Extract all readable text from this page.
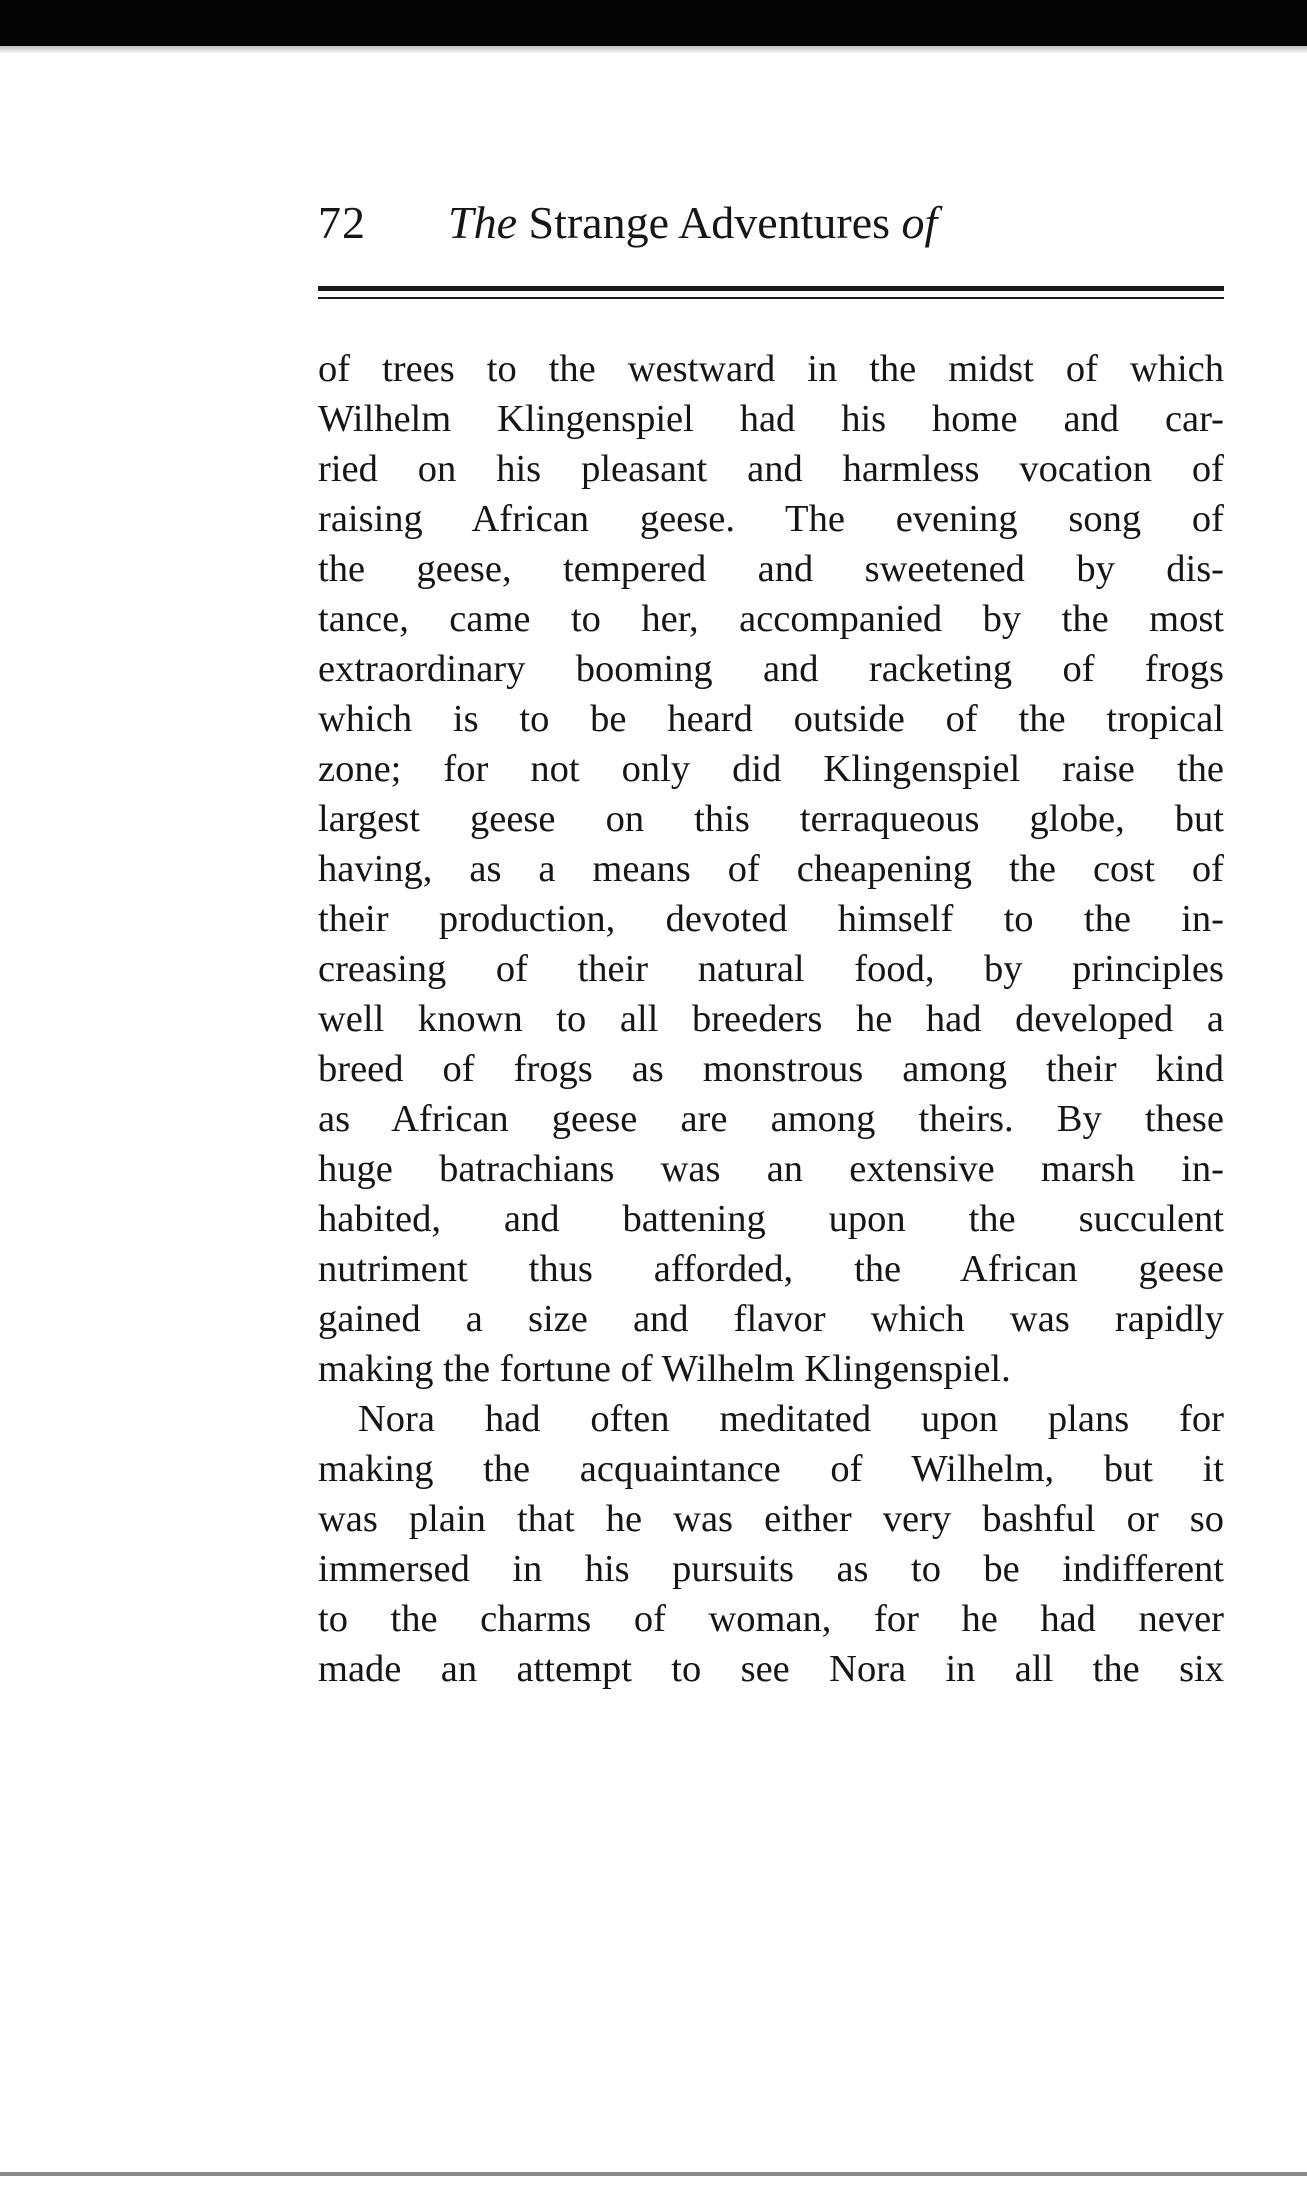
72 The Strange Adventures of
of trees to the westward in the midst of which
Wilhelm Klingenspiel had his home and car-
ried on his pleasant and harmless vocation of
raising African geese. The evening song of
the geese, tempered and sweetened by dis-
tance, came to her, accompanied by the most
extraordinary booming and racketing of frogs
which is to be heard outside of the tropical
zone; for not only did Klingenspiel raise the
largest geese on this terraqueous globe, but
having, as a means of cheapening the cost of
their production, devoted himself to the in-
creasing of their natural food, by principles
well known to all breeders he had developed a
breed of frogs as monstrous among their kind
as African geese are among theirs. By these
huge batrachians was an extensive marsh in-
habited, and battening upon the succulent
nutriment thus afforded, the African geese
gained a size and flavor which was rapidly
making the fortune of Wilhelm Klingenspiel.
Nora had often meditated upon plans for
making the acquaintance of Wilhelm, but it
was plain that he was either very bashful or so
immersed in his pursuits as to be indifferent
to the charms of woman, for he had never
made an attempt to see Nora in all the six
